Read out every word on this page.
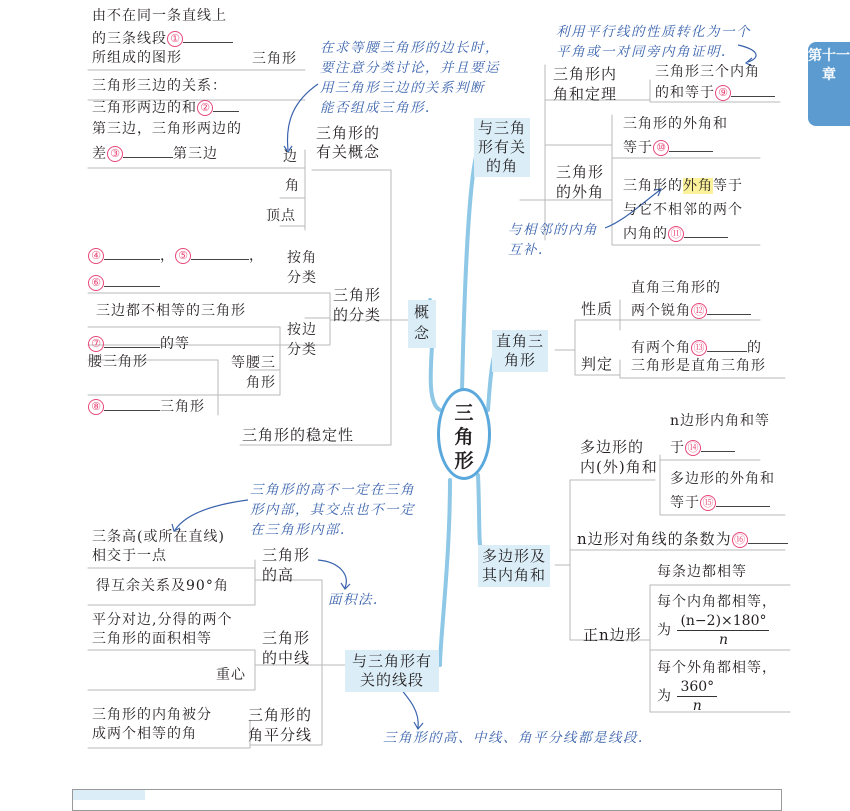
第十一章
三角形
由不在同一条直线上
的三条线段 ①
所组成的图形	三角形
三角形三边的关系：
三角形两边的和 ②
第三边，三角形两边的
差 ③	第三边
在求等腰三角形的边长时，
要注意分类讨论，并且要运
用三角形三边的关系判断
能否组成三角形.
三角形的有关概念
边
角
顶点
概念
④	， ⑤	，
⑥
按角分类
三角形的分类
三边都不相等的三角形
按边分类
⑦	的等
腰三角形	等腰三角形
⑧	三角形
三角形的稳定性
三角形的高不一定在三角
形内部，其交点也不一定
在三角形内部.
三条高(或所在直线)
相交于一点	三角形的高
得互余关系及90°角
面积法.
平分对边,分得的两个
三角形的面积相等	三角形的中线	与三角形有关的线段
重心
三角形的内角被分
成两个相等的角
三角形的角平分线	三角形的高、中线、角平分线都是线段.
利用平行线的性质转化为一个
平角或一对同旁内角证明.
三角形内角和定理
三角形三个内角
的和等于 ⑨
与三角形有关的角
三角形的外角和
等于 ⑩
三角形的外角 三角形的外角等于
与它不相邻的两个
内角的 ⑪
与相邻的内角
互补.
直角三角形的
两个锐角 ⑫
性质
直角三角形
有两个角 ⑬	的
判定 三角形是直角三角形
n边形内角和等
于 ⑭
多边形的内(外)角和
多边形的外角和
等于 ⑮
n边形对角线的条数为 ⑯
多边形及其内角和	每条边都相等
每个内角都相等，
为 $\frac{(n-2)\times 180^\circ}{n}$
正n边形
每个外角都相等，
为 $\frac{360^\circ}{n}$
